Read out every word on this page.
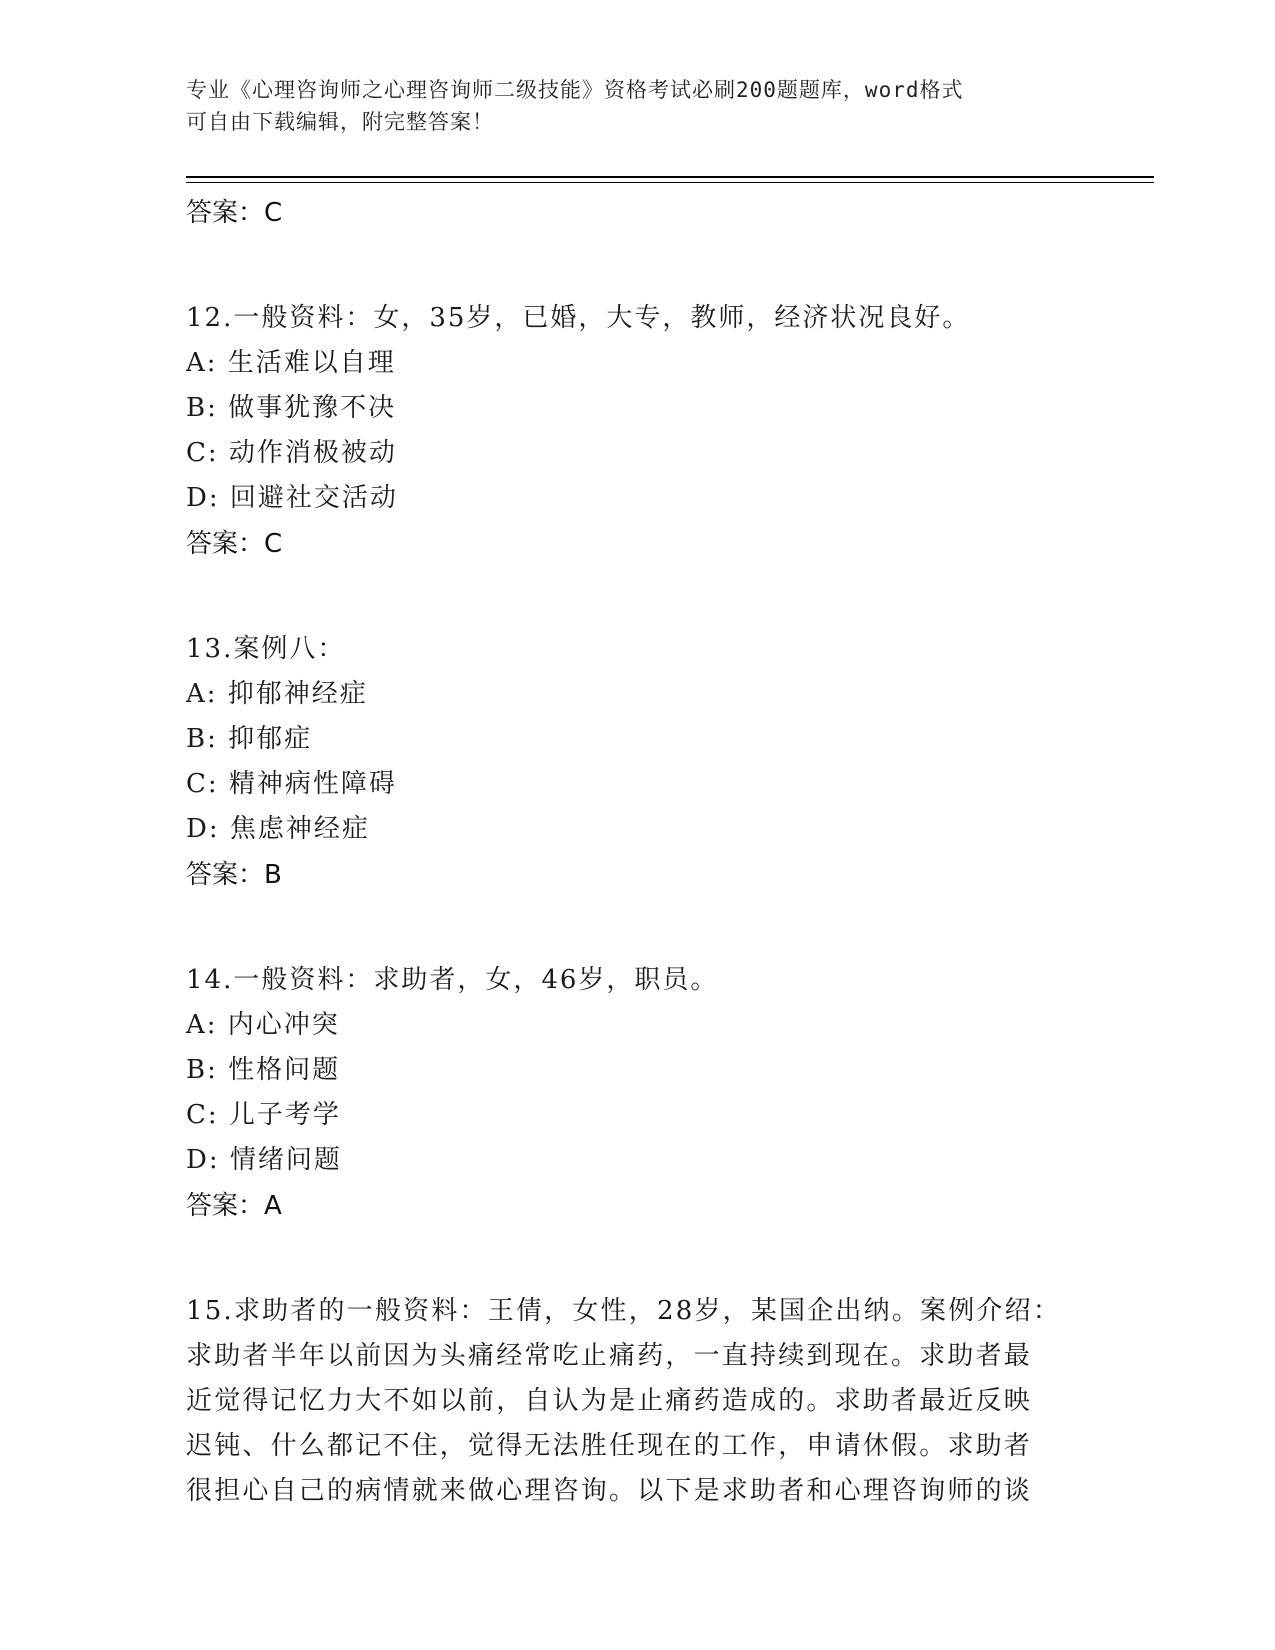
专业《心理咨询师之心理咨询师二级技能》资格考试必刷200题题库，word格式
可自由下载编辑，附完整答案！
答案：C
12.一般资料：女，35岁，已婚，大专，教师，经济状况良好。
A: 生活难以自理
B: 做事犹豫不决
C: 动作消极被动
D: 回避社交活动
答案：C
13.案例八：
A: 抑郁神经症
B: 抑郁症
C: 精神病性障碍
D: 焦虑神经症
答案：B
14.一般资料：求助者，女，46岁，职员。
A: 内心冲突
B: 性格问题
C: 儿子考学
D: 情绪问题
答案：A
15.求助者的一般资料：王倩，女性，28岁，某国企出纳。案例介绍：
求助者半年以前因为头痛经常吃止痛药，一直持续到现在。求助者最
近觉得记忆力大不如以前，自认为是止痛药造成的。求助者最近反映
迟钝、什么都记不住，觉得无法胜任现在的工作，申请休假。求助者
很担心自己的病情就来做心理咨询。以下是求助者和心理咨询师的谈
